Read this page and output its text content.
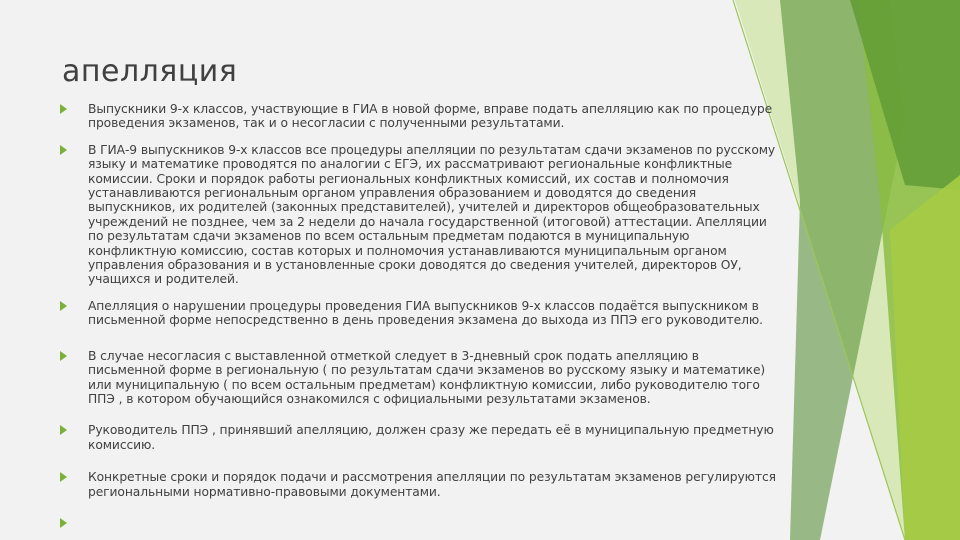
апелляция
Выпускники 9-х классов, участвующие в ГИА в новой форме, вправе подать апелляцию как по процедуре проведения экзаменов, так и о несогласии с полученными результатами.
В ГИА-9 выпускников 9-х классов все процедуры апелляции по результатам сдачи экзаменов по русскому языку и математике проводятся по аналогии с ЕГЭ, их рассматривают региональные конфликтные комиссии. Сроки и порядок работы региональных конфликтных комиссий, их состав и полномочия устанавливаются региональным органом управления образованием и доводятся до сведения выпускников, их родителей (законных представителей), учителей и директоров общеобразовательных учреждений не позднее, чем за 2 недели до начала государственной (итоговой) аттестации. Апелляции по результатам сдачи экзаменов по всем остальным предметам подаются в муниципальную конфликтную комиссию, состав которых и полномочия устанавливаются муниципальным органом управления образования и в установленные сроки доводятся до сведения учителей, директоров ОУ, учащихся и родителей.
Апелляция о нарушении процедуры проведения ГИА выпускников 9-х классов подаётся выпускником в письменной форме непосредственно в день проведения экзамена до выхода из ППЭ его руководителю.
В случае несогласия с выставленной отметкой следует в 3-дневный срок подать апелляцию в письменной форме в региональную ( по результатам сдачи экзаменов во русскому языку и математике) или муниципальную ( по всем остальным предметам) конфликтную комиссии, либо руководителю того ППЭ , в котором обучающийся ознакомился с официальными результатами экзаменов.
Руководитель ППЭ , принявший апелляцию, должен сразу же передать её в муниципальную предметную комиссию.
Конкретные сроки и порядок подачи и рассмотрения апелляции по результатам экзаменов регулируются региональными нормативно-правовыми документами.
